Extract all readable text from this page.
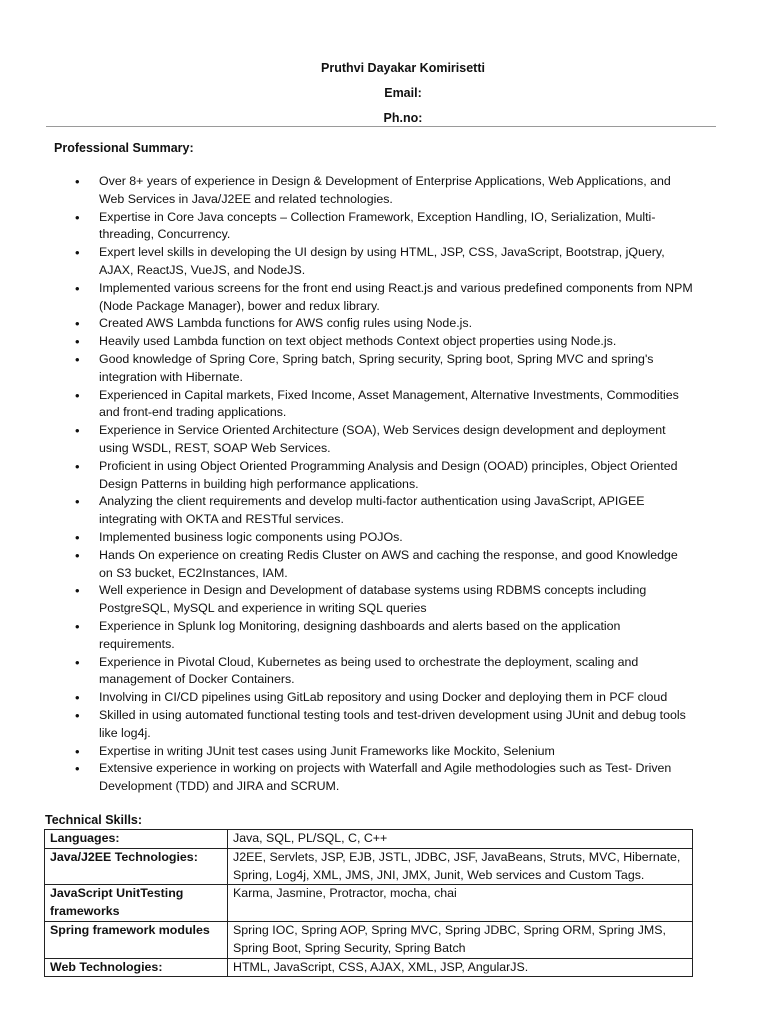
Pruthvi Dayakar Komirisetti
Email:
Ph.no:
Professional Summary:
• Over 8+ years of experience in Design & Development of Enterprise Applications, Web Applications, and Web Services in Java/J2EE and related technologies.
• Expertise in Core Java concepts – Collection Framework, Exception Handling, IO, Serialization, Multi-threading, Concurrency.
• Expert level skills in developing the UI design by using HTML, JSP, CSS, JavaScript, Bootstrap, jQuery, AJAX, ReactJS, VueJS, and NodeJS.
• Implemented various screens for the front end using React.js and various predefined components from NPM (Node Package Manager), bower and redux library.
• Created AWS Lambda functions for AWS config rules using Node.js.
• Heavily used Lambda function on text object methods Context object properties using Node.js.
• Good knowledge of Spring Core, Spring batch, Spring security, Spring boot, Spring MVC and spring's integration with Hibernate.
• Experienced in Capital markets, Fixed Income, Asset Management, Alternative Investments, Commodities and front-end trading applications.
• Experience in Service Oriented Architecture (SOA), Web Services design development and deployment using WSDL, REST, SOAP Web Services.
• Proficient in using Object Oriented Programming Analysis and Design (OOAD) principles, Object Oriented Design Patterns in building high performance applications.
• Analyzing the client requirements and develop multi-factor authentication using JavaScript, APIGEE integrating with OKTA and RESTful services.
• Implemented business logic components using POJOs.
• Hands On experience on creating Redis Cluster on AWS and caching the response, and good Knowledge on S3 bucket, EC2Instances, IAM.
• Well experience in Design and Development of database systems using RDBMS concepts including PostgreSQL, MySQL and experience in writing SQL queries
• Experience in Splunk log Monitoring, designing dashboards and alerts based on the application requirements.
• Experience in Pivotal Cloud, Kubernetes as being used to orchestrate the deployment, scaling and management of Docker Containers.
• Involving in CI/CD pipelines using GitLab repository and using Docker and deploying them in PCF cloud
• Skilled in using automated functional testing tools and test-driven development using JUnit and debug tools like log4j.
• Expertise in writing JUnit test cases using Junit Frameworks like Mockito, Selenium
• Extensive experience in working on projects with Waterfall and Agile methodologies such as Test- Driven Development (TDD) and JIRA and SCRUM.
Technical Skills:
Languages:	Java, SQL, PL/SQL, C, C++
Java/J2EE Technologies:	J2EE, Servlets, JSP, EJB, JSTL, JDBC, JSF, JavaBeans, Struts, MVC, Hibernate, Spring, Log4j, XML, JMS, JNI, JMX, Junit, Web services and Custom Tags.
JavaScript UnitTesting frameworks	Karma, Jasmine, Protractor, mocha, chai
Spring framework modules	Spring IOC, Spring AOP, Spring MVC, Spring JDBC, Spring ORM, Spring JMS, Spring Boot, Spring Security, Spring Batch
Web Technologies:	HTML, JavaScript, CSS, AJAX, XML, JSP, AngularJS.
